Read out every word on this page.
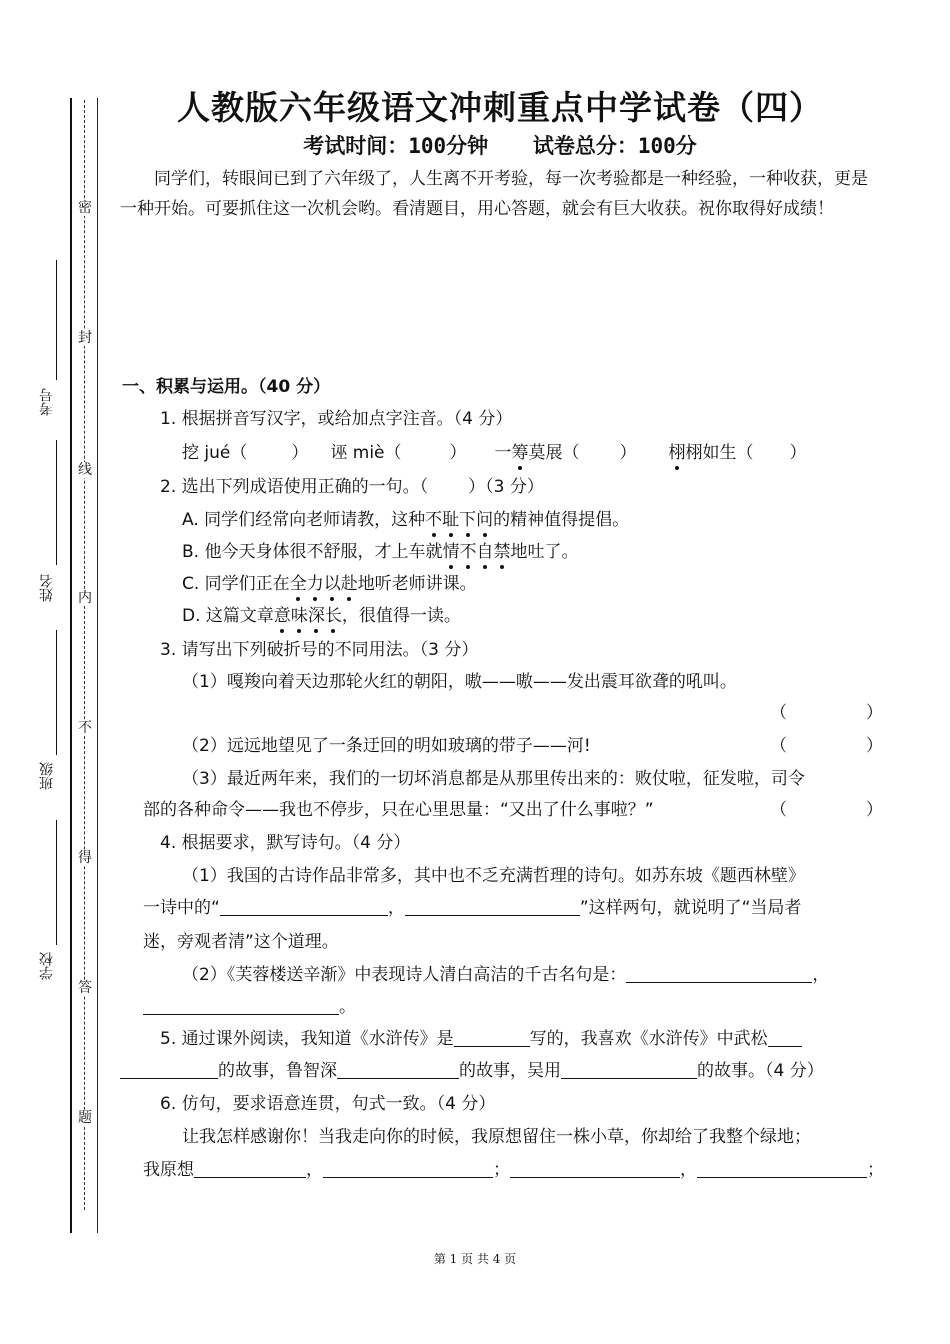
密
封
线
内
不
得
答
题
考号
姓名
班级
学校
人教版六年级语文冲刺重点中学试卷（四）
考试时间：100分钟 试卷总分：100分
同学们，转眼间已到了六年级了，人生离不开考验，每一次考验都是一种经验，一种收获，更是一种开始。可要抓住这一次机会哟。看清题目，用心答题，就会有巨大收获。祝你取得好成绩！
一、积累与运用。（40 分）
1. 根据拼音写汉字，或给加点字注音。（4 分）
挖 jué（	） 诬 miè（	） 一筹莫展（ ） 栩栩如生（ ）
2. 选出下列成语使用正确的一句。（ ）（3 分）
A. 同学们经常向老师请教，这种不耻下问的精神值得提倡。
B. 他今天身体很不舒服，才上车就情不自禁地吐了。
C. 同学们正在全力以赴地听老师讲课。
D. 这篇文章意味深长，很值得一读。
3. 请写出下列破折号的不同用法。（3 分）
（1）嘎羧向着天边那轮火红的朝阳，嗷——嗷——发出震耳欲聋的吼叫。
（	）
（2）远远地望见了一条迂回的明如玻璃的带子——河!	（	）
（3）最近两年来，我们的一切坏消息都是从那里传出来的：败仗啦，征发啦，司令
部的各种命令——我也不停步，只在心里思量：“又出了什么事啦？”	（	）
4. 根据要求，默写诗句。（4 分）
（1）我国的古诗作品非常多，其中也不乏充满哲理的诗句。如苏东坡《题西林壁》
一诗中的“	，	”这样两句，就说明了“当局者
迷，旁观者清”这个道理。
（2）《芙蓉楼送辛渐》中表现诗人清白高洁的千古名句是：	，
。
5. 通过课外阅读，我知道《水浒传》是	写的，我喜欢《水浒传》中武松
的故事，鲁智深	的故事，吴用	的故事。（4 分）
6. 仿句，要求语意连贯，句式一致。（4 分）
让我怎样感谢你！当我走向你的时候，我原想留住一株小草，你却给了我整个绿地；
我原想	，	；	，	；
第 1 页 共 4 页
